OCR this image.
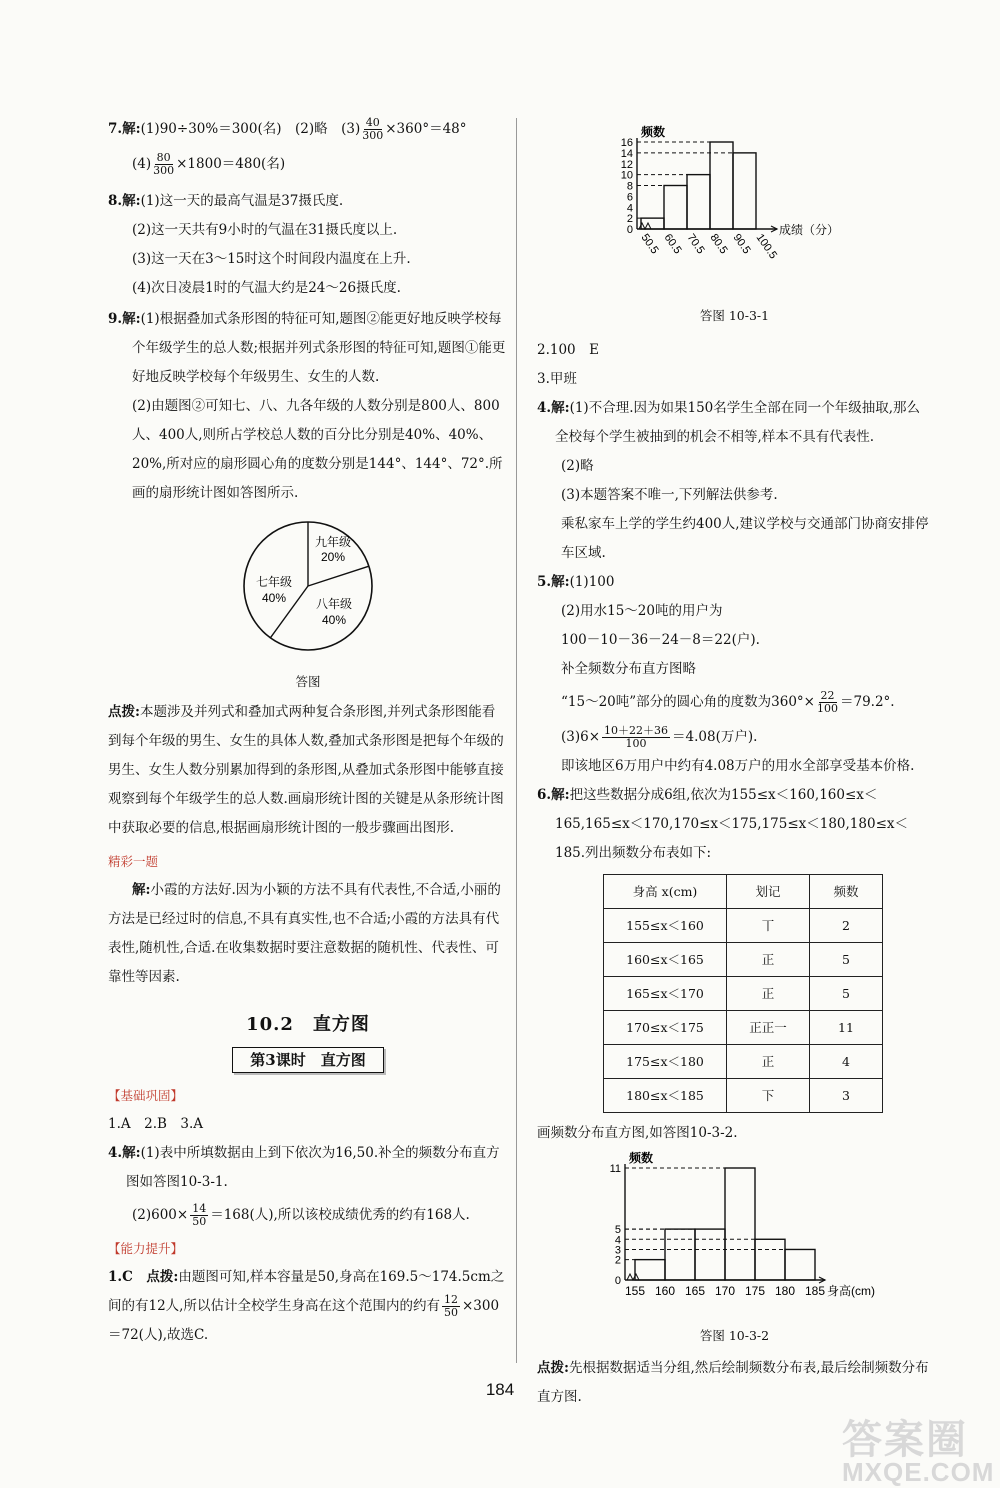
7.解:(1)90÷30%＝300(名)　 (2)略　 $(3) \frac{40}{300} \times 360^\circ=48^\circ$

$(4) \frac{80}{300} \times 1800=480$(名)

8.解:(1)这一天的最高气温是37摄氏度.

(2)这一天共有9小时的气温在31摄氏度以上.

(3)这一天在3～15时这个时间段内温度在上升.

(4)次日凌晨1时的气温大约是24～26摄氏度.

9.解:(1)根据叠加式条形图的特征可知,题图②能更好地反映学校每个年级学生的总人数;根据并列式条形图的特征可知,题图①能更好地反映学校每个年级男生、女生的人数.

(2)由题图②可知七、八、九各年级的人数分别是800人、800人、400人,则所占学校总人数的百分比分别是40%、40%、20%,所对应的扇形圆心角的度数分别是144°、144°、72°.所画的扇形统计图如答图所示.

九年级
20%
七年级
40% 八年级
40%
答图

点拨:本题涉及并列式和叠加式两种复合条形图,并列式条形图能看到每个年级的男生、女生的具体人数,叠加式条形图是把每个年级的男生、女生人数分别累加得到的条形图,从叠加式条形图中能够直接观察到每个年级学生的总人数.画扇形统计图的关键是从条形统计图中获取必要的信息,根据画扇形统计图的一般步骤画出图形.

精彩一题

解:小霞的方法好.因为小颖的方法不具有代表性,不合适,小丽的方法是已经过时的信息,不具有真实性,也不合适;小霞的方法具有代表性,随机性,合适.在收集数据时要注意数据的随机性、代表性、可靠性等因素.

10.2　直方图
第3课时　直方图

【基础巩固】

1.A　2.B　3.A

4.解:(1)表中所填数据由上到下依次为16,50.补全的频数分布直方图如答图10-3-1.

$(2)600\times \frac{14}{50} =168$(人),所以该校成绩优秀的约有168人.

【能力提升】

1.C　 点拨:由题图可知,样本容量是50,身高在169.5～174.5cm之间的有12人,所以估计全校学生身高在这个范围内的约有 $\frac{12}{50} \times 300=72$(人),故选C.

频数
0
2
4
6
8
10
12
14
16
50.5 60.5 70.5 80.5 90.5 100.5
成绩（分）
答图 10-3-1

2.100　E

3.甲班

4.解:(1)不合理.因为如果150名学生全部在同一个年级抽取,那么全校每个学生被抽到的机会不相等,样本不具有代表性.

(2)略

(3)本题答案不唯一,下列解法供参考.

乘私家车上学的学生约400人,建议学校与交通部门协商安排停车区域.

5.解:(1)100

(2)用水15～20吨的用户为

100－10－36－24－8＝22(户).

补全频数分布直方图略

“15～20吨”部分的圆心角的度数为$360^\circ\times \frac{22}{100} =79.2^\circ$.

$(3)6\times \frac{10+22+36}{100} =4.08$(万户).

即该地区6万用户中约有4.08万户的用水全部享受基本价格.

6.解:把这些数据分成6组,依次为155≤x＜160,160≤x＜165,165≤x＜170,170≤x＜175,175≤x＜180,180≤x＜185.列出频数分布表如下:

身高 x(cm)	划记	频数
155≤x＜160	丅	2
160≤x＜165	正	5
165≤x＜170	正	5
170≤x＜175	正正一	11
175≤x＜180	正	4
180≤x＜185	下	3

画频数分布直方图,如答图10-3-2.

频数
0
2
3
4
5
11
155 160 165 170 175 180 185 身高(cm)
答图 10-3-2

点拨:先根据数据适当分组,然后绘制频数分布表,最后绘制频数分布直方图.

184
答案圈
MXQE.COM
